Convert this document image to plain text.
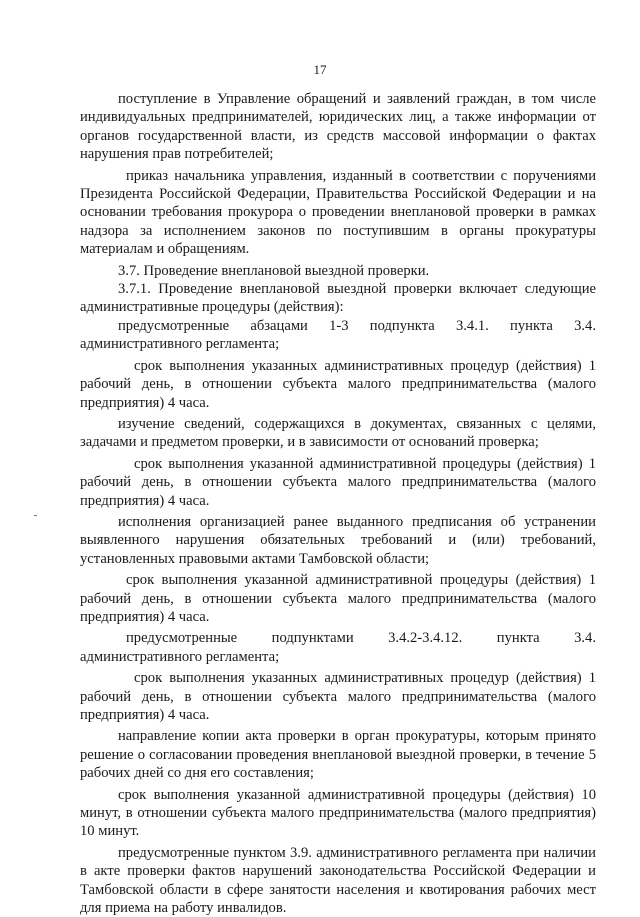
17

поступление в Управление обращений и заявлений граждан, в том числе индивидуальных предпринимателей, юридических лиц, а также информации от органов государственной власти, из средств массовой информации о фактах нарушения прав потребителей;

приказ начальника управления, изданный в соответствии с поручениями Президента Российской Федерации, Правительства Российской Федерации и на основании требования прокурора о проведении внеплановой проверки в рамках надзора за исполнением законов по поступившим в органы прокуратуры материалам и обращениям.

3.7. Проведение внеплановой выездной проверки.

3.7.1. Проведение внеплановой выездной проверки включает следующие административные процедуры (действия):

предусмотренные абзацами 1-3 подпункта 3.4.1. пункта 3.4. административного регламента;

срок выполнения указанных административных процедур (действия) 1 рабочий день, в отношении субъекта малого предпринимательства (малого предприятия) 4 часа.

изучение сведений, содержащихся в документах, связанных с целями, задачами и предметом проверки, и в зависимости от оснований проверка;

срок выполнения указанной административной процедуры (действия) 1 рабочий день, в отношении субъекта малого предпринимательства (малого предприятия) 4 часа.

исполнения организацией ранее выданного предписания об устранении выявленного нарушения обязательных требований и (или) требований, установленных правовыми актами Тамбовской области;

срок выполнения указанной административной процедуры (действия) 1 рабочий день, в отношении субъекта малого предпринимательства (малого предприятия) 4 часа.

предусмотренные подпунктами 3.4.2-3.4.12. пункта 3.4. административного регламента;

срок выполнения указанных административных процедур (действия) 1 рабочий день, в отношении субъекта малого предпринимательства (малого предприятия) 4 часа.

направление копии акта проверки в орган прокуратуры, которым принято решение о согласовании проведения внеплановой выездной проверки, в течение 5 рабочих дней со дня его составления;

срок выполнения указанной административной процедуры (действия) 10 минут, в отношении субъекта малого предпринимательства (малого предприятия) 10 минут.

предусмотренные пунктом 3.9. административного регламента при наличии в акте проверки фактов нарушений законодательства Российской Федерации и Тамбовской области в сфере занятости населения и квотирования рабочих мест для приема на работу инвалидов.
